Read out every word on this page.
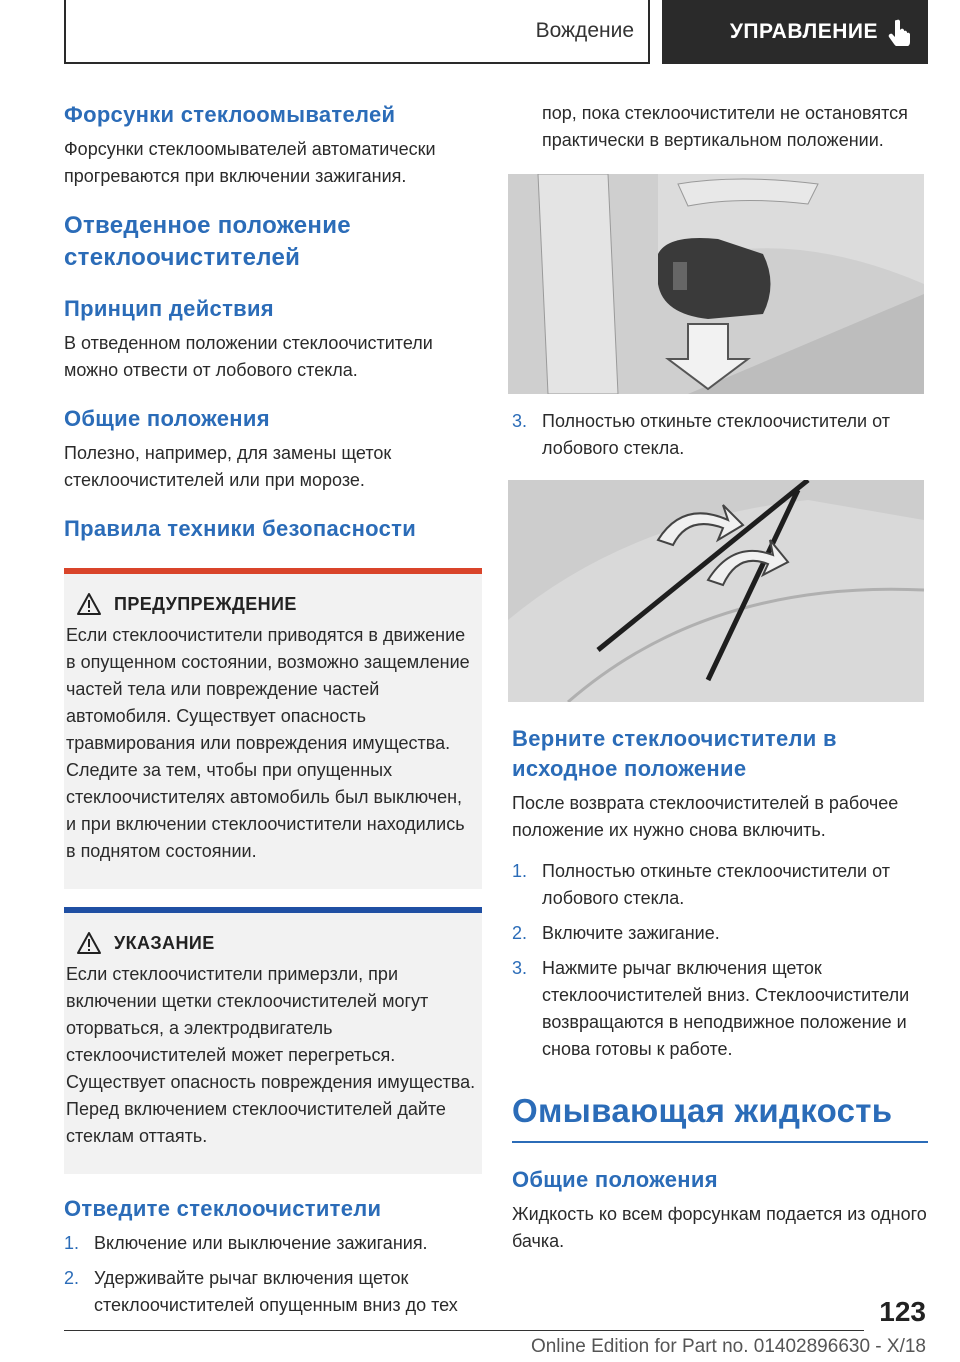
Вождение	УПРАВЛЕНИЕ
Форсунки стеклоомывателей

Форсунки стеклоомывателей автоматически прогреваются при включении зажигания.

Отведенное положение стеклоочистителей
Принцип действия

В отведенном положении стеклоочистители можно отвести от лобового стекла.

Общие положения

Полезно, например, для замены щеток стеклоочистителей или при морозе.

Правила техники безопасности
ПРЕДУПРЕЖДЕНИЕ

Если стеклоочистители приводятся в движение в опущенном состоянии, возможно защемление частей тела или повреждение частей автомобиля. Существует опасность травмирования или повреждения имущества. Следите за тем, чтобы при опущенных стеклоочистителях автомобиль был выключен, и при включении стеклоочистители находились в поднятом состоянии.

УКАЗАНИЕ

Если стеклоочистители примерзли, при включении щетки стеклоочистителей могут оторваться, а электродвигатель стеклоочистителей может перегреться. Существует опасность повреждения имущества. Перед включением стеклоочистителей дайте стеклам оттаять.

Отведите стеклоочистители
1. Включение или выключение зажигания.
2. Удерживайте рычаг включения щеток стеклоочистителей опущенным вниз до тех

пор, пока стеклоочистители не остановятся практически в вертикальном положении.

3. Полностью откиньте стеклоочистители от лобового стекла.
Верните стеклоочистители в исходное положение

После возврата стеклоочистителей в рабочее положение их нужно снова включить.

1. Полностью откиньте стеклоочистители от лобового стекла.
2. Включите зажигание.
3. Нажмите рычаг включения щеток стеклоочистителей вниз. Стеклоочистители возвращаются в неподвижное положение и снова готовы к работе.
Омывающая жидкость
Общие положения

Жидкость ко всем форсункам подается из одного бачка.

123
Online Edition for Part no. 01402896630 - X/18
